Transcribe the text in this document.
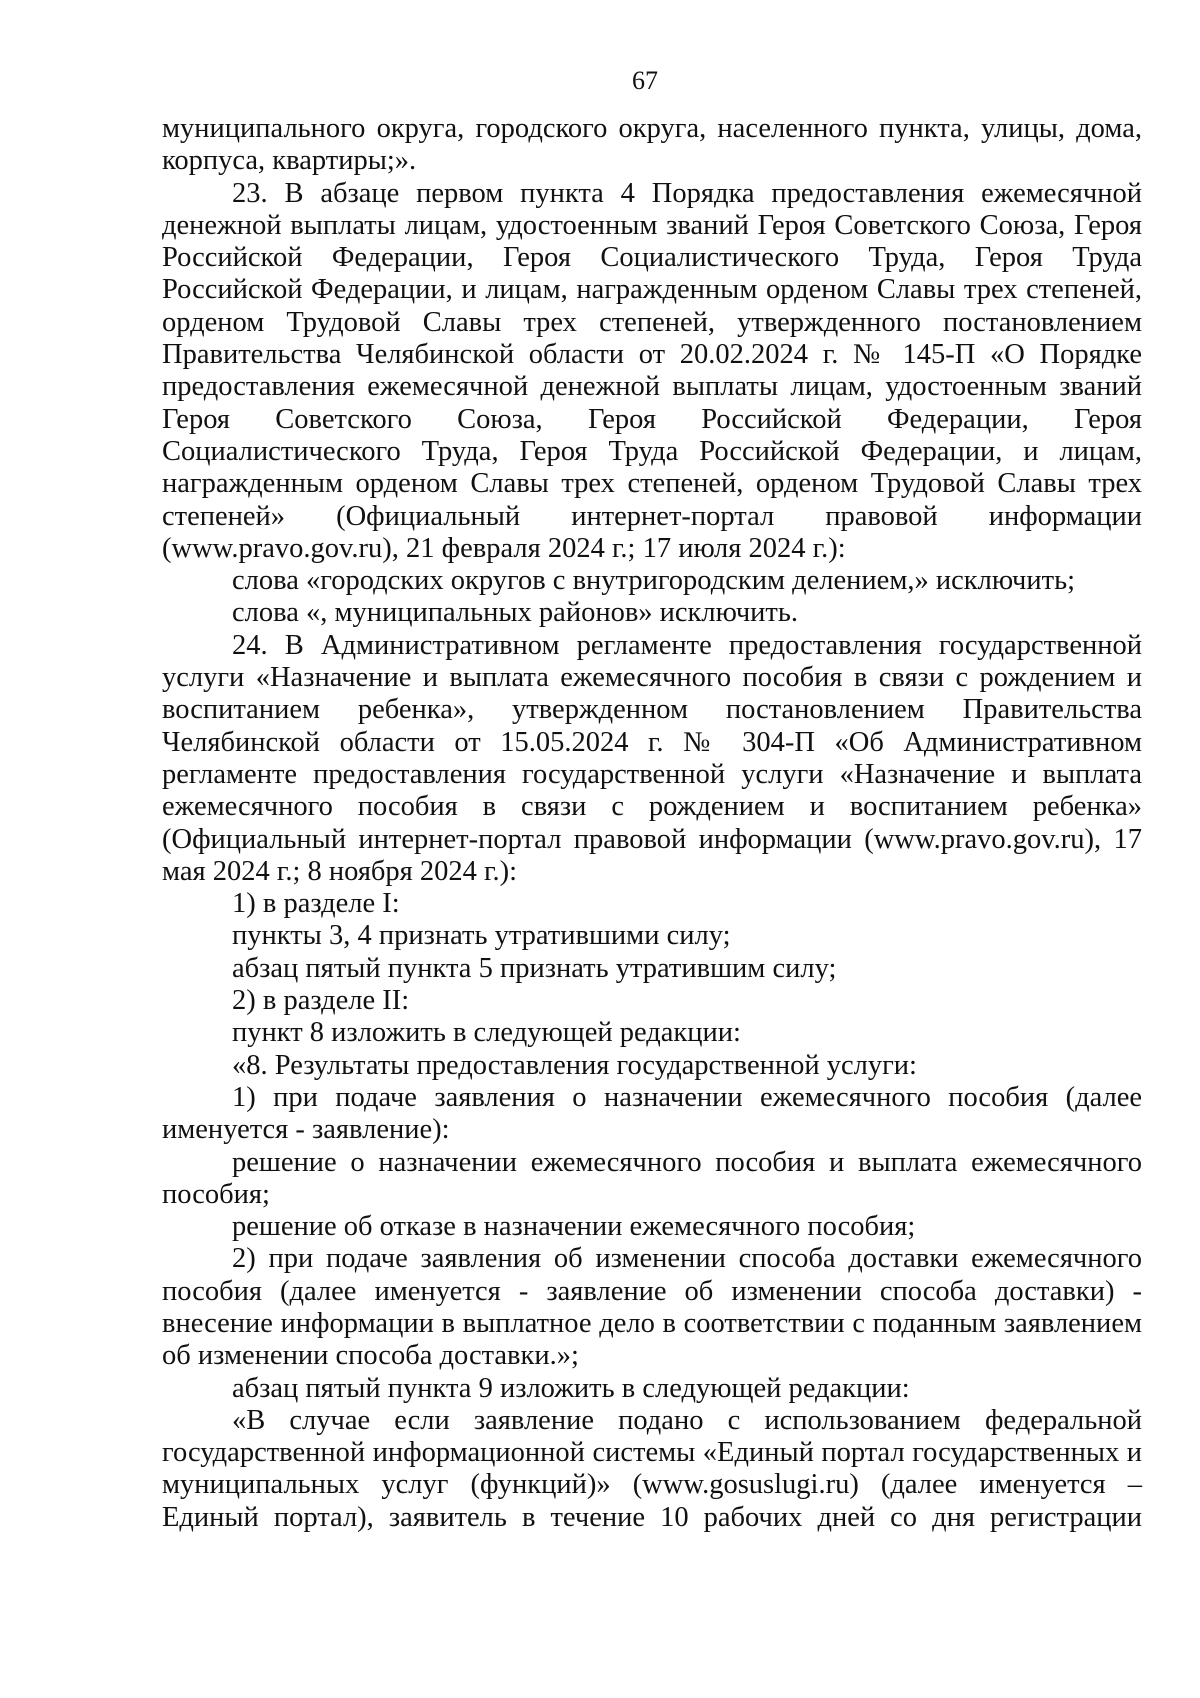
67

муниципального округа, городского округа, населенного пункта, улицы, дома, корпуса, квартиры;».

23. В абзаце первом пункта 4 Порядка предоставления ежемесячной денежной выплаты лицам, удостоенным званий Героя Советского Союза, Героя Российской Федерации, Героя Социалистического Труда, Героя Труда Российской Федерации, и лицам, награжденным орденом Славы трех степеней, орденом Трудовой Славы трех степеней, утвержденного постановлением Правительства Челябинской области от 20.02.2024 г. № 145-П «О Порядке предоставления ежемесячной денежной выплаты лицам, удостоенным званий Героя Советского Союза, Героя Российской Федерации, Героя Социалистического Труда, Героя Труда Российской Федерации, и лицам, награжденным орденом Славы трех степеней, орденом Трудовой Славы трех степеней» (Официальный интернет-портал правовой информации (www.pravo.gov.ru), 21 февраля 2024 г.; 17 июля 2024 г.):

слова «городских округов с внутригородским делением,» исключить;

слова «, муниципальных районов» исключить.

24. В Административном регламенте предоставления государственной услуги «Назначение и выплата ежемесячного пособия в связи с рождением и воспитанием ребенка», утвержденном постановлением Правительства Челябинской области от 15.05.2024 г. № 304-П «Об Административном регламенте предоставления государственной услуги «Назначение и выплата ежемесячного пособия в связи с рождением и воспитанием ребенка» (Официальный интернет-портал правовой информации (www.pravo.gov.ru), 17 мая 2024 г.; 8 ноября 2024 г.):

1) в разделе I:

пункты 3, 4 признать утратившими силу;

абзац пятый пункта 5 признать утратившим силу;

2) в разделе II:

пункт 8 изложить в следующей редакции:

«8. Результаты предоставления государственной услуги:

1) при подаче заявления о назначении ежемесячного пособия (далее именуется - заявление):

решение о назначении ежемесячного пособия и выплата ежемесячного пособия;

решение об отказе в назначении ежемесячного пособия;

2) при подаче заявления об изменении способа доставки ежемесячного пособия (далее именуется - заявление об изменении способа доставки) - внесение информации в выплатное дело в соответствии с поданным заявлением об изменении способа доставки.»;

абзац пятый пункта 9 изложить в следующей редакции:

«В случае если заявление подано с использованием федеральной государственной информационной системы «Единый портал государственных и муниципальных услуг (функций)» (www.gosuslugi.ru) (далее именуется – Единый портал), заявитель в течение 10 рабочих дней со дня регистрации
